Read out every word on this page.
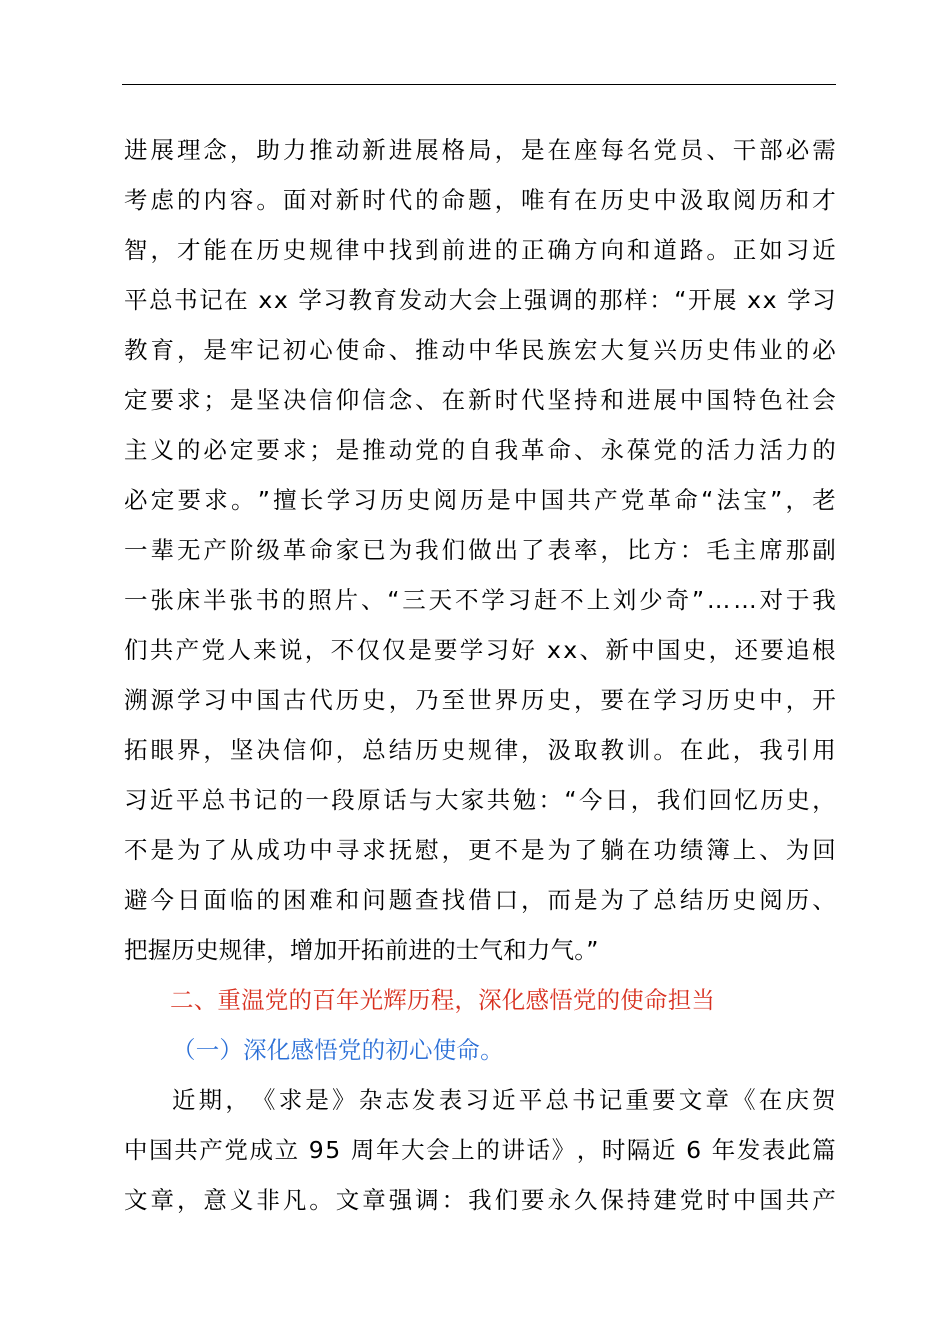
进 展 理 念 ， 助 力 推 动 新 进 展 格 局 ， 是 在 座 每 名 党 员 、 干 部 必 需
考 虑 的 内 容 。 面 对 新 时 代 的 命 题 ， 唯 有 在 历 史 中 汲 取 阅 历 和 才
智 ， 才 能 在 历 史 规 律 中 找 到 前 进 的 正 确 方 向 和 道 路 。 正 如 习 近
平 总 书 记 在
x x
学 习 教 育 发 动 大 会 上 强 调 的 那 样 ： “ 开 展
x x
学 习
教 育 ， 是 牢 记 初 心 使 命 、 推 动 中 华 民 族 宏 大 复 兴 历 史 伟 业 的 必
定 要 求 ； 是 坚 决 信 仰 信 念 、 在 新 时 代 坚 持 和 进 展 中 国 特 色 社 会
主 义 的 必 定 要 求 ； 是 推 动 党 的 自 我 革 命 、 永 葆 党 的 活 力 活 力 的
必 定 要 求 。 ” 擅 长 学 习 历 史 阅 历 是 中 国 共 产 党 革 命 “ 法 宝 ” ， 老
一 辈 无 产 阶 级 革 命 家 已 为 我 们 做 出 了 表 率 ， 比 方 ： 毛 主 席 那 副
一 张 床 半 张 书 的 照 片 、 “ 三 天 不 学 习 赶 不 上 刘 少 奇 ” … … 对 于 我
们 共 产 党 人 来 说 ， 不 仅 仅 是 要 学 习 好
x x 、 新 中 国 史 ， 还 要 追 根
溯 源 学 习 中 国 古 代 历 史 ， 乃 至 世 界 历 史 ， 要 在 学 习 历 史 中 ， 开
拓 眼 界 ， 坚 决 信 仰 ， 总 结 历 史 规 律 ， 汲 取 教 训 。 在 此 ， 我 引 用
习 近 平 总 书 记 的 一 段 原 话 与 大 家 共 勉 ： “ 今 日 ， 我 们 回 忆 历 史 ，
不 是 为 了 从 成 功 中 寻 求 抚 慰 ， 更 不 是 为 了 躺 在 功 绩 簿 上 、 为 回
避 今 日 面 临 的 困 难 和 问 题 查 找 借 口 ， 而 是 为 了 总 结 历 史 阅 历 、
把握历史规律，增加开拓前进的士气和力气。”
二、重温党的百年光辉历程，深化感悟党的使命担当
（一）深化感悟党的初心使命。
近 期 ， 《 求 是 》 杂 志 发 表 习 近 平 总 书 记 重 要 文 章 《 在 庆 贺
中 国 共 产 党 成 立
9 5
周 年 大 会 上 的 讲 话 》 ， 时 隔 近
6
年 发 表 此 篇
文 章 ， 意 义 非 凡 。 文 章 强 调 ： 我 们 要 永 久 保 持 建 党 时 中 国 共 产
